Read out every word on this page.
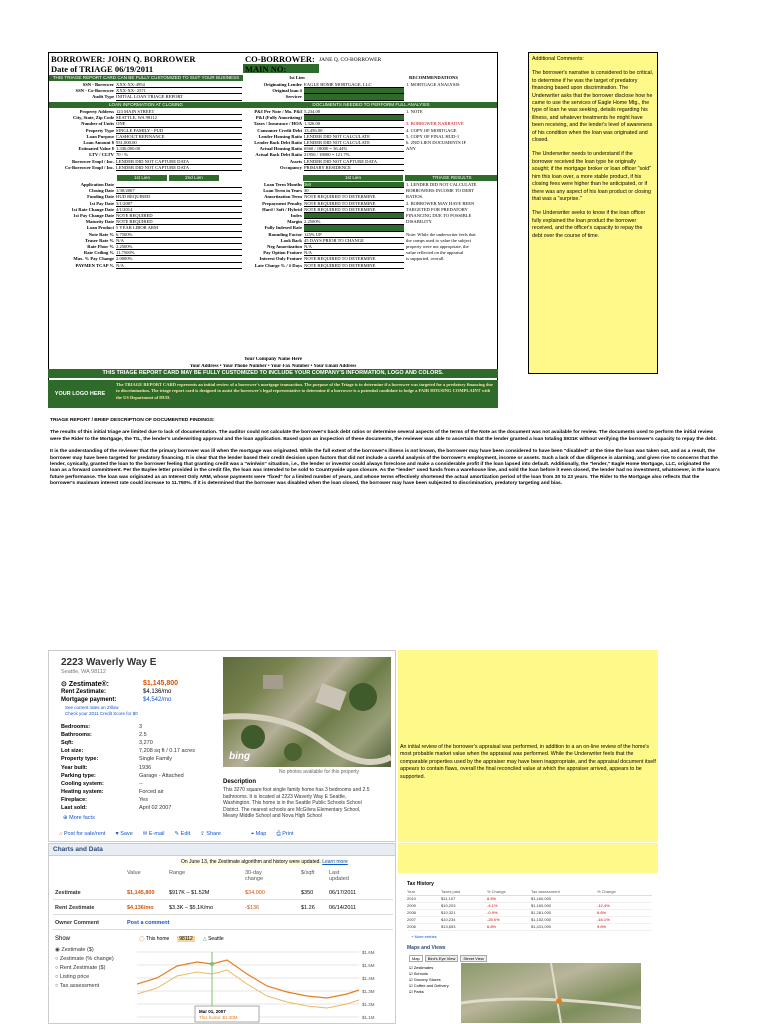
BORROWER: JOHN Q. BORROWER	CO-BORROWER: JANE Q. CO-BORROWER
Date of TRIAGE 06/19/2011	MAIN NO:
THIS TRIAGE REPORT CARD CAN BE FULLY CUSTOMIZED TO SUIT YOUR BUSINESS	1st Lien	RECOMMENDATIONS
SSN - Borrower XXX-XX-4954	Originating Lender EAGLE HOME MORTGAGE, LLC	1. MORTGAGE ANALYSIS
SSN - Co-Borrower XXX-XX- 2571	Original loan #
Audit Type INITIAL LOAN TRIAGE REPORT	Servicer
LOAN INFORMATION AT CLOSING	DOCUMENTS NEEDED TO PERFORM FULL ANALYSIS
Property Address 123 MAIN STREET	P&I Per Note / Mo. P&I 5,234.00	1. NOTE
City, State, Zip Code SEATTLE, WA 98112	P&I (Fully Amortizing)
Number of Units ONE	Taxes / Insurance / HOA 1,326.00	3. BORROWER NARRATIVE
Property Type SINGLE FAMILY - PUD	Consumer Credit Debt 13,456.00	4. COPY OF MORTGAGE
Loan Purpose CASHOUT REFINANCE	Lender Housing Ratio LENDER DID NOT CALCULATE	5. COPY OF FINAL HUD-1
Loan Amount $ 931,000.00	Lender Back Debt Ratio LENDER DID NOT CALCULATE	6. 2ND LIEN DOCUMENTS IF
Estimated Value $ 1,330,000.00	Actual Housing Ratio 6560 / 18000 = 36.44%	ANY
LTV / CLTV 70 / %	Actual Back Debt Ratio 21956 / 18000 = 121.7%
Borrower Empl / Inc. LENDER DID NOT CAPTURE DATA	Assets LENDER DID NOT CAPTURE DATA
Co-Borrower Empl / Inc. LENDER DID NOT CAPTURE DATA	Occupancy PRIMARY RESIDENCE
1st Lien	2nd Lien	1st Lien	TRIAGE RESULTS
Application Date	Loan Term Months 360	1. LENDER DID NOT CALCULATE
Closing Date 1/30/2007	Loan Term in Years 30	BORROWERS INCOME TO DEBT
Funding Date HUD REQUIRED	Amortization Term NOTE REQUIRED TO DETERMINE	RATIOS.
1st Pay Date 3/1/2007	Prepayment Penalty NOTE REQUIRED TO DETERMINE	2. BORROWER MAY HAVE BEEN
1st Rate Change Date 4/1/2014	Hard / Soft / Hybrid NOTE REQUIRED TO DETERMINE	TARGETED FOR PREDATORY
1st Pay Change Date NOTE REQUIRED	Index	FINANCING DUE TO POSSIBLE
Maturity Date NOTE REQUIRED	Margin 2.2500%	DISABILITY.
Loan Product 5 YEAR LIBOR ARM	Fully Indexed Rate
Note Rate % 6.7500%	Rounding Factor 125% UP	Note: While the underwriter feels that
Teaser Rate % N/A	Look Back 45 DAYS PRIOR TO CHANGE	the comps used to value the subject
Rate Floor % 2.2500%	Neg Amortization N/A	property were not appropriate, the
Rate Ceiling % 11.7500%	Pay Option Feature N/A	value reflected on the appraisal
Max. % Pay Change 2.0000%	Interest Only Feature NOTE REQUIRED TO DETERMINE	is supported, overall.
PAYMEN TCAP % N/A	Late Charge % / # Days NOTE REQUIRED TO DETERMINE
Your Company Name Here
Your Address • Your Phone Number • Your Fax Number • Your Email Address
THIS TRIAGE REPORT CARD MAY BE FULLY CUSTOMIZED TO INCLUDE YOUR COMPANY'S INFORMATION, LOGO AND COLORS.
YOUR LOGO HERE
The TRIAGE REPORT CARD represents an initial review of a borrower's mortgage transaction. The purpose of the Triage is to determine if a borrower was targeted for a predatory financing due to discrimination. The triage report card is designed to assist the borrower's legal representative to determine if a borrower is a potential candidate to lodge a FAIR HOUSING COMPLAINT with the US Department of HUD.

Additional Comments:

The borrower's narrative is considered to be critical, to determine if he was the target of predatory financing based upon discrimination. The Underwriter asks that the borrower disclose how he came to use the services of Eagle Home Mtg., the type of loan he was seeking, details regarding his illness, and whatever treatments he might have been receiving, and the lender's level of awareness of his condition when the loan was originated and closed.

The Underwriter needs to understand if the borrower received the loan type he originally sought; if the mortgage broker or loan officer "sold" him this loan over, a more stable product, if his closing fees were higher than he anticipated, or if there was any aspect of his loan product or closing that was a "surprise."

The Underwriter seeks to know if the loan officer fully explained the loan product the borrower received, and the officer's capacity to repay the debt over the course of time.

TRIAGE REPORT / BRIEF DESCRIPTION OF DOCUMENTED FINDINGS:

The results of this initial triage are limited due to lack of documentation. The auditor could not calculate the borrower's back debt ratios or determine several aspects of the terms of the Note as the document was not available for review. The documents used to perform the initial review were the Rider to the Mortgage, the TIL, the lender's underwriting approval and the loan application. Based upon an inspection of these documents, the reviewer was able to ascertain that the lender granted a loan totaling $931K without verifying the borrower's capacity to repay the debt.

It is the understanding of the reviewer that the primary borrower was ill when the mortgage was originated. While the full extent of the borrower's illness is not known, the borrower may have been considered to have been "disabled" at the time the loan was taken out, and as a result, the borrower may have been targeted for predatory financing. It is clear that the lender based their credit decision upon factors that did not include a careful analysis of the borrower's employment, income or assets. Such a lack of due diligence is alarming, and gives rise to concerns that the lender, cynically, granted the loan to the borrower feeling that granting credit was a "win/win" situation, i.e., the lender or investor could always foreclose and make a considerable profit if the loan lapsed into default. Additionally, the "lender," Eagle Home Mortgage, LLC, originated the loan as a forward commitment. Per the Baylee letter provided in the credit file, the loan was intended to be sold to Countrywide upon closure. As the "lender" used funds from a warehouse line, and sold the loan before it even closed, the lender had no investment, whatsoever, in the loan's future performance. The loan was originated as an Interest Only ARM, whose payments were "fixed" for a limited number of years, and whose terms effectively shortened the actual amortization period of the loan from 30 to 23 years. The Rider to the Mortgage also reflects that the borrower's maximum interest rate could increase to 11.750%. If it is determined that the borrower was disabled when the loan closed, the borrower may have been subjected to discrimination, predatory targeting and bias.

2223 Waverly Way E
Seattle, WA 98112
⊙ Zestimate®:	$1,145,800
Rent Zestimate:	$4,136/mo
Mortgage payment:	$4,542/mo
See current rates on Zillow
Check your 2011 Credit Score for $0
Bedrooms:	3
Bathrooms:	2.5
Sqft:	3,270
Lot size:	7,208 sq ft / 0.17 acres
Property type:	Single Family
Year built:	1936
Parking type:	Garage - Attached
Cooling system:	--
Heating system:	Forced air
Fireplace:	Yes
Last sold:	April 02 2007
⊕ More facts
bing
No photos available for this property
Description
This 3270 square foot single family home has 3 bedrooms and 2.5 bathrooms. It is located at 2223 Waverly Way E Seattle, Washington. This home is in the Seattle Public Schools School District. The nearest schools are McGilvra Elementary School, Meany Middle School and Nova High School
⌂ Post for sale/rent ♥ Save ✉ E-mail ✎ Edit ⇪ Share	⌖ Map ⎙ Print
An initial review of the borrower's appraisal was performed, in addition to a an on-line review of the home's most probable market value when the appraisal was performed. While the Underwriter feels that the comparable properties used by the appraiser may have been inappropriate, and the appraisal document itself appears to contain flaws, overall the final reconciled value at which the appraiser arrived, appears to be supported.
Charts and Data
On June 13, the Zestimate algorithm and history were updated. Learn more
Value	Range	30-day change
$/sqft	Last updated
Zestimate	$1,145,800	$917K – $1.52M	$34,000	$350	06/17/2011
Rent Zestimate	$4,136/mo	$3.3K – $5.1K/mo	-$136	$1.26	06/14/2011
Owner Comment	Post a comment
Show
◉ Zestimate ($)
○ Zestimate (% change)
○ Rent Zestimate ($)
○ Listing price
○ Tax assessment
◯ This home	98112	△ Seattle
$1.6M
$1.5M
$1.4M
$1.3M
$1.2M
$1.1M
Mar 01, 2007
This home: $1.30M
Tax History
Year	Taxes paid	% Change	Tax assessment	% Change
2010	$11,107	8.5%	$1,160,000
2009	$10,203	-4.1%	$1,160,000	-12.4%
2008	$10,321	-0.9%	$1,281,000	6.6%
2007	$10,234	-25.0%	$1,152,000	-16.1%
2006	$13,653	6.8%	$1,431,000	9.6%
+ More entries
Maps and Views
Map	Bird's Eye View	Street View
☑ Zestimates
☑ Schools
☑ Grocery Stores
☑ Coffee and Delivery
☑ Parks
